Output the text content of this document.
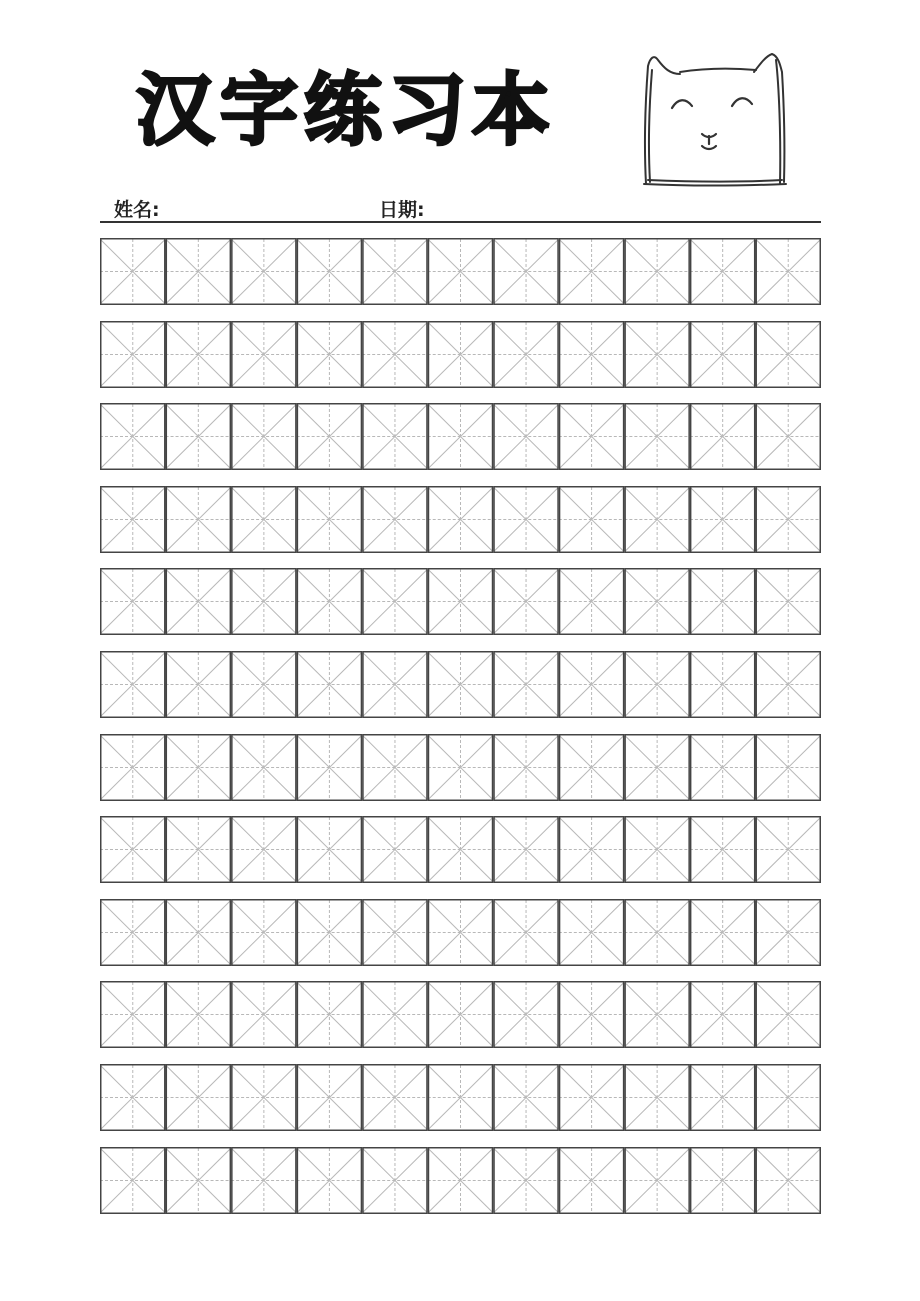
汉字练习本
姓名:	日期:
